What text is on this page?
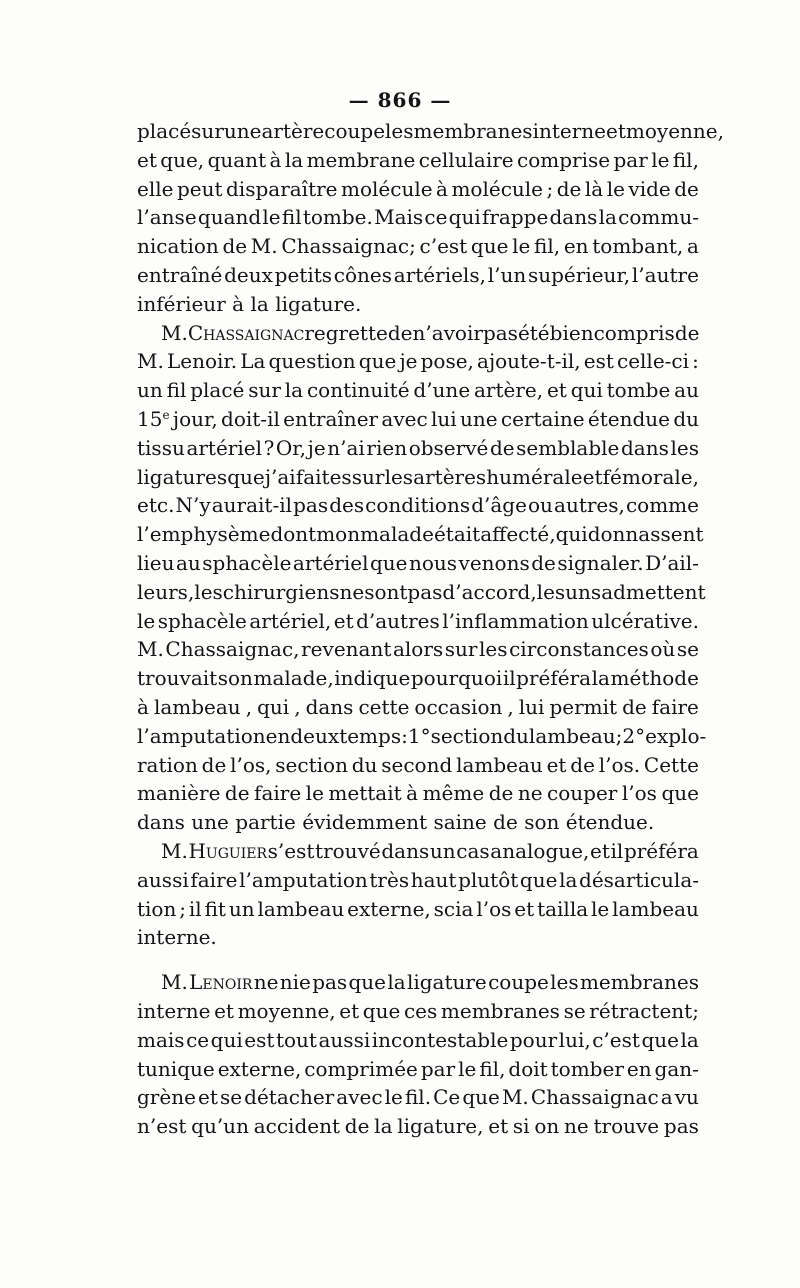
— 866 —
placé sur une artère coupe les membranes interne et moyenne,
et que, quant à la membrane cellulaire comprise par le fil,
elle peut disparaître molécule à molécule ; de là le vide de
l’anse quand le fil tombe. Mais ce qui frappe dans la commu-
nication de M. Chassaignac; c’est que le fil, en tombant, a
entraîné deux petits cônes artériels, l’un supérieur, l’autre
inférieur à la ligature.
M. Chassaignac regrette de n’avoir pas été bien compris de
M. Lenoir. La question que je pose, ajoute-t-il, est celle-ci :
un fil placé sur la continuité d’une artère, et qui tombe au
15e jour, doit-il entraîner avec lui une certaine étendue du
tissu artériel ? Or, je n’ai rien observé de semblable dans les
ligatures que j’ai faites sur les artères humérale et fémorale,
etc. N’y aurait-il pas des conditions d’âge ou autres, comme
l’emphysème dont mon malade était affecté, qui donnassent
lieu au sphacèle artériel que nous venons de signaler. D’ail-
leurs, les chirurgiens ne sont pas d’accord, les uns admettent
le sphacèle artériel, et d’autres l’inflammation ulcérative.
M. Chassaignac, revenant alors sur les circonstances où se
trouvait son malade, indique pourquoi il préféra la méthode
à lambeau , qui , dans cette occasion , lui permit de faire
l’amputation en deux temps : 1° section du lambeau ; 2° explo-
ration de l’os, section du second lambeau et de l’os. Cette
manière de faire le mettait à même de ne couper l’os que
dans une partie évidemment saine de son étendue.
M. Huguier s’est trouvé dans un cas analogue, et il préféra
aussi faire l’amputation très haut plutôt que la désarticula-
tion ; il fit un lambeau externe, scia l’os et tailla le lambeau
interne.
M. Lenoir ne nie pas que la ligature coupe les membranes
interne et moyenne, et que ces membranes se rétractent;
mais ce qui est tout aussi incontestable pour lui, c’est que la
tunique externe, comprimée par le fil, doit tomber en gan-
grène et se détacher avec le fil. Ce que M. Chassaignac a vu
n’est qu’un accident de la ligature, et si on ne trouve pas
